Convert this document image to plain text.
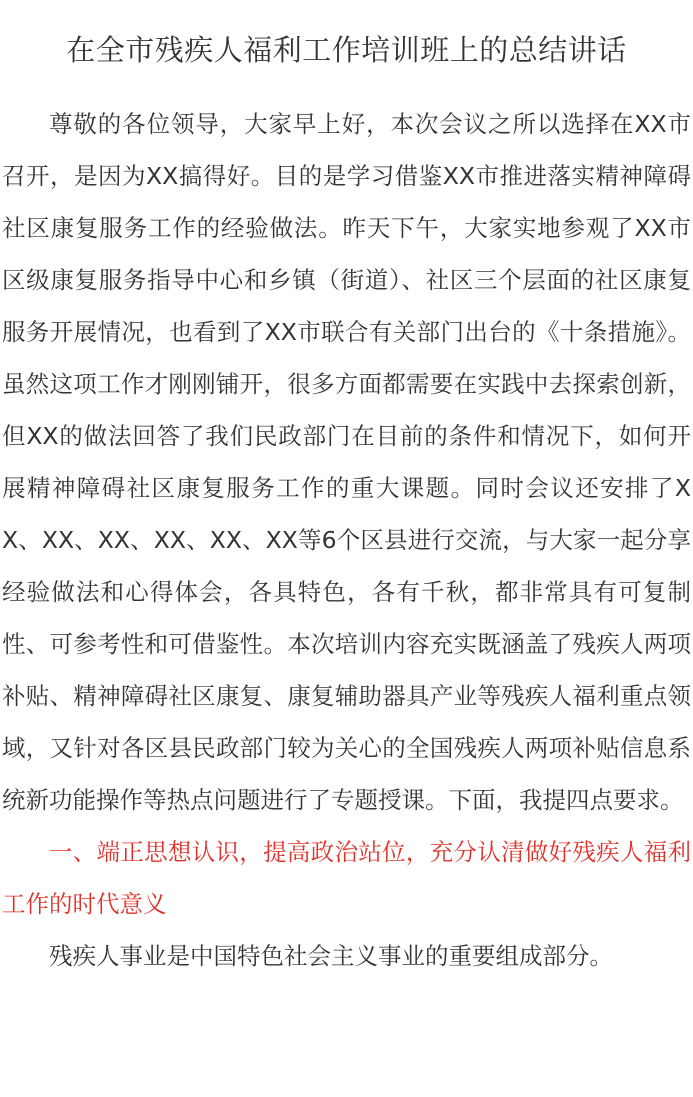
在全市残疾人福利工作培训班上的总结讲话

尊敬的各位领导，大家早上好，本次会议之所以选择在XX市召开，是因为XX搞得好。目的是学习借鉴XX市推进落实精神障碍社区康复服务工作的经验做法。昨天下午，大家实地参观了XX市区级康复服务指导中心和乡镇（街道）、社区三个层面的社区康复服务开展情况，也看到了XX市联合有关部门出台的《十条措施》。虽然这项工作才刚刚铺开，很多方面都需要在实践中去探索创新，但XX的做法回答了我们民政部门在目前的条件和情况下，如何开展精神障碍社区康复服务工作的重大课题。同时会议还安排了XX、XX、XX、XX、XX、XX等6个区县进行交流，与大家一起分享经验做法和心得体会，各具特色，各有千秋，都非常具有可复制性、可参考性和可借鉴性。本次培训内容充实既涵盖了残疾人两项补贴、精神障碍社区康复、康复辅助器具产业等残疾人福利重点领域，又针对各区县民政部门较为关心的全国残疾人两项补贴信息系统新功能操作等热点问题进行了专题授课。下面，我提四点要求。

一、端正思想认识，提高政治站位，充分认清做好残疾人福利工作的时代意义

残疾人事业是中国特色社会主义事业的重要组成部分。
